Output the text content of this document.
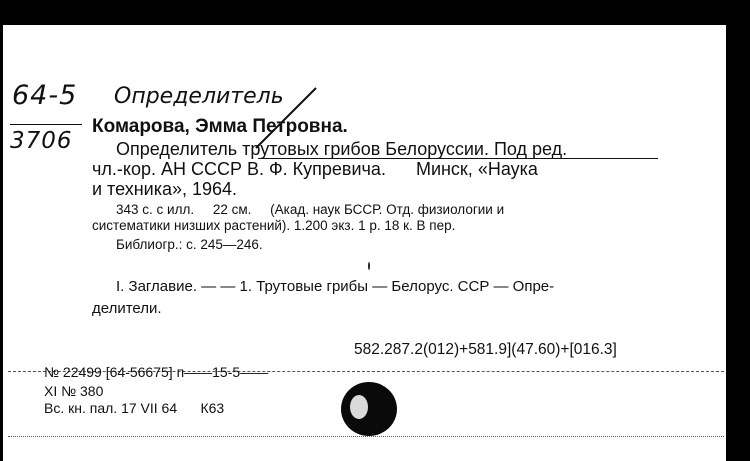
64-5
3706
Определитель
Комарова, Эмма Петровна.
Определитель трутовых грибов Белоруссии. Под ред.
чл.-кор. АН СССР В. Ф. Купревича.      Минск, «Наука
и техника», 1964.
343 с. с илл.     22 см.     (Акад. наук БССР. Отд. физиологии и
систематики низших растений). 1.200 экз. 1 р. 18 к. В пер.
Библиогр.: с. 245—246.
I. Заглавие. — — 1. Трутовые грибы — Белорус. ССР — Опре-
делители.
582.287.2(012)+581.9](47.60)+[016.3]
№ 22499 [64-56675] п——15-5——
XI № 380
Вс. кн. пал. 17 VII 64      К63
